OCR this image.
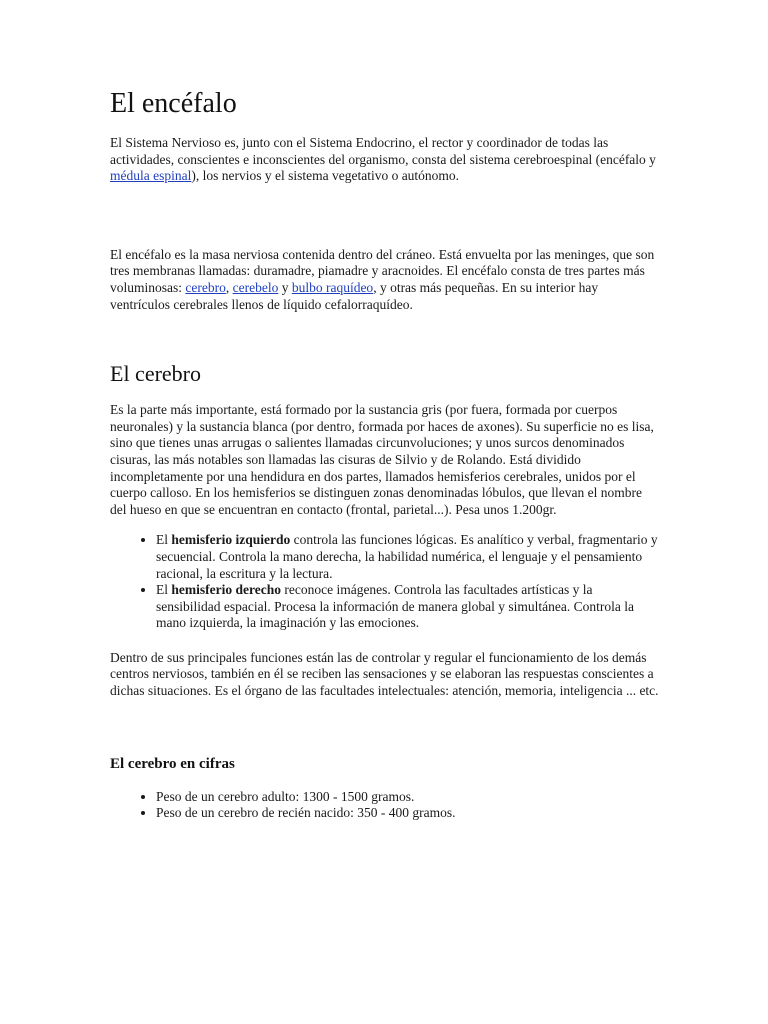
El encéfalo

El Sistema Nervioso es, junto con el Sistema Endocrino, el rector y coordinador de todas las actividades, conscientes e inconscientes del organismo, consta del sistema cerebroespinal (encéfalo y médula espinal), los nervios y el sistema vegetativo o autónomo.

El encéfalo es la masa nerviosa contenida dentro del cráneo. Está envuelta por las meninges, que son tres membranas llamadas: duramadre, piamadre y aracnoides. El encéfalo consta de tres partes más voluminosas: cerebro, cerebelo y bulbo raquídeo, y otras más pequeñas. En su interior hay ventrículos cerebrales llenos de líquido cefalorraquídeo.

El cerebro

Es la parte más importante, está formado por la sustancia gris (por fuera, formada por cuerpos neuronales) y la sustancia blanca (por dentro, formada por haces de axones). Su superficie no es lisa, sino que tienes unas arrugas o salientes llamadas circunvoluciones; y unos surcos denominados cisuras, las más notables son llamadas las cisuras de Silvio y de Rolando. Está dividido incompletamente por una hendidura en dos partes, llamados hemisferios cerebrales, unidos por el cuerpo calloso. En los hemisferios se distinguen zonas denominadas lóbulos, que llevan el nombre del hueso en que se encuentran en contacto (frontal, parietal...). Pesa unos 1.200gr.

• El hemisferio izquierdo controla las funciones lógicas. Es analítico y verbal, fragmentario y secuencial. Controla la mano derecha, la habilidad numérica, el lenguaje y el pensamiento racional, la escritura y la lectura.
• El hemisferio derecho reconoce imágenes. Controla las facultades artísticas y la sensibilidad espacial. Procesa la información de manera global y simultánea. Controla la mano izquierda, la imaginación y las emociones.

Dentro de sus principales funciones están las de controlar y regular el funcionamiento de los demás centros nerviosos, también en él se reciben las sensaciones y se elaboran las respuestas conscientes a dichas situaciones. Es el órgano de las facultades intelectuales: atención, memoria, inteligencia ... etc.

El cerebro en cifras
• Peso de un cerebro adulto: 1300 - 1500 gramos.
• Peso de un cerebro de recién nacido: 350 - 400 gramos.
